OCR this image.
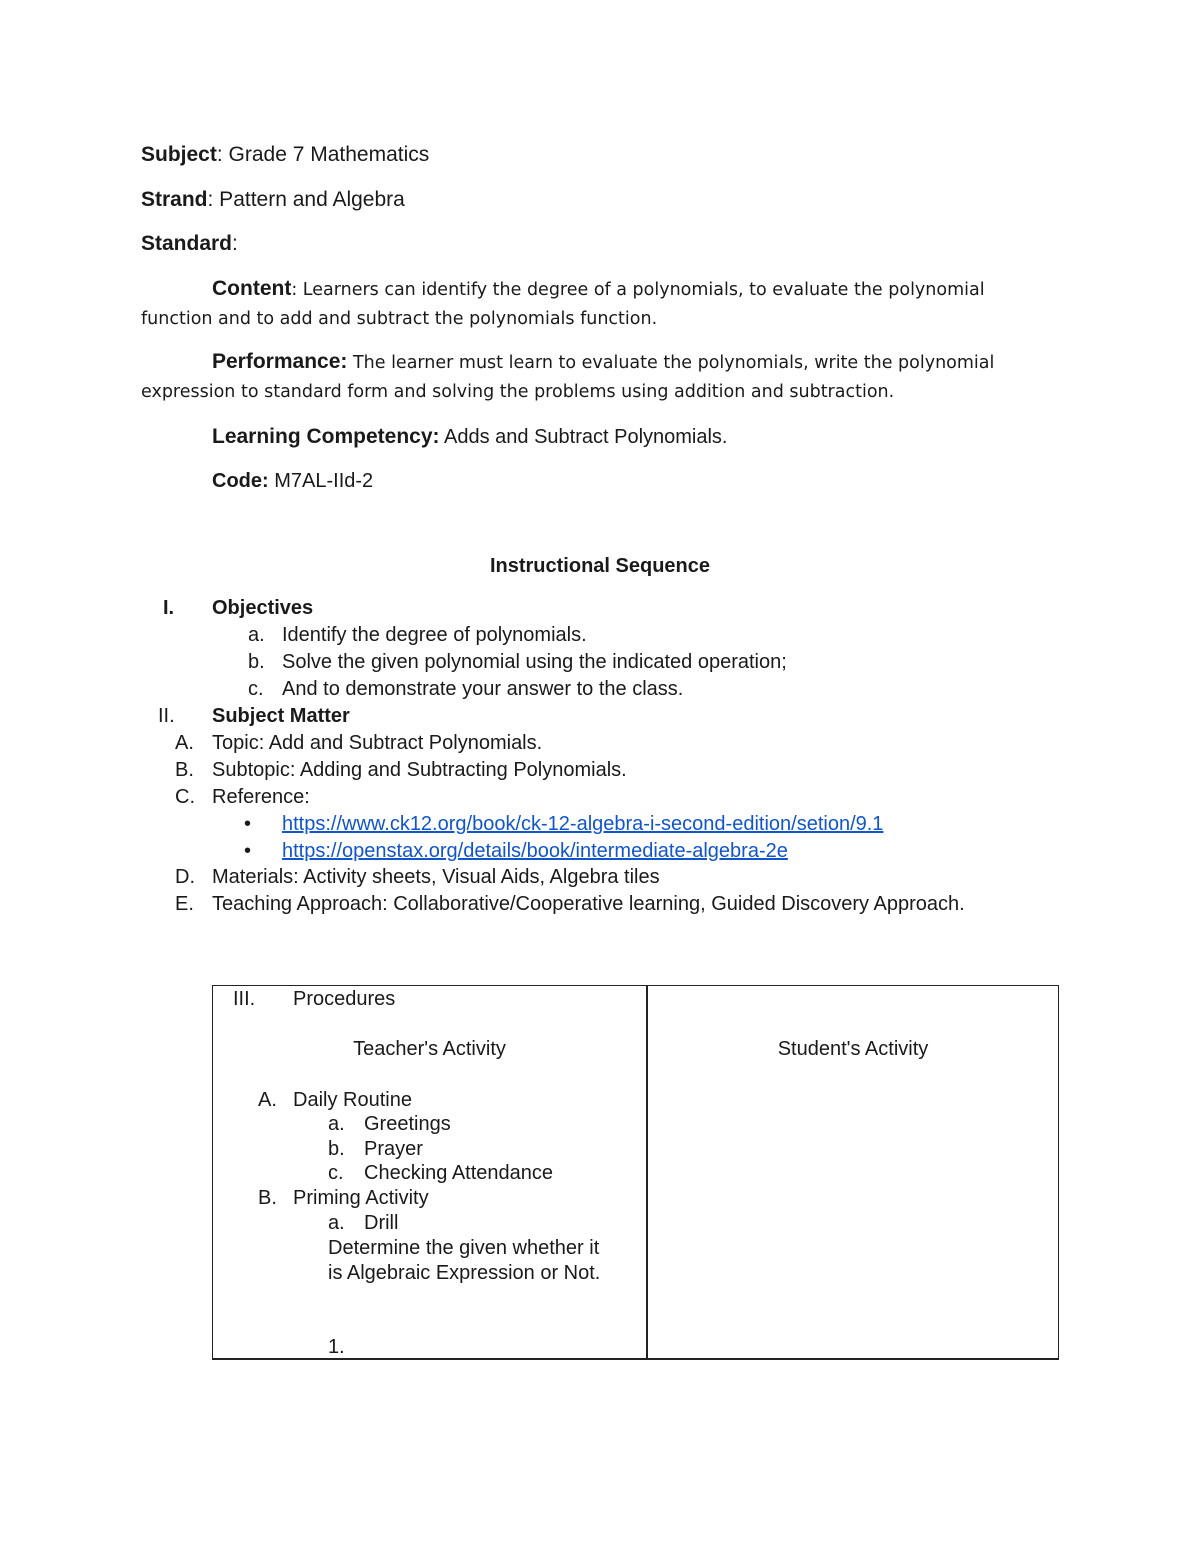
Subject: Grade 7 Mathematics
Strand: Pattern and Algebra
Standard:
Content: Learners can identify the degree of a polynomials, to evaluate the polynomial
function and to add and subtract the polynomials function.
Performance: The learner must learn to evaluate the polynomials, write the polynomial
expression to standard form and solving the problems using addition and subtraction.
Learning Competency: Adds and Subtract Polynomials.
Code: M7AL-IId-2
Instructional Sequence
I. Objectives
a. Identify the degree of polynomials.
b. Solve the given polynomial using the indicated operation;
c. And to demonstrate your answer to the class.
II. Subject Matter
A. Topic: Add and Subtract Polynomials.
B. Subtopic: Adding and Subtracting Polynomials.
C. Reference:
• https://www.ck12.org/book/ck-12-algebra-i-second-edition/setion/9.1
• https://openstax.org/details/book/intermediate-algebra-2e
D. Materials: Activity sheets, Visual Aids, Algebra tiles
E. Teaching Approach: Collaborative/Cooperative learning, Guided Discovery Approach.
III. Procedures
Teacher's Activity
A. Daily Routine
a. Greetings
b. Prayer
c. Checking Attendance
B. Priming Activity
a. Drill
Determine the given whether it
is Algebraic Expression or Not.
1.
Student's Activity
